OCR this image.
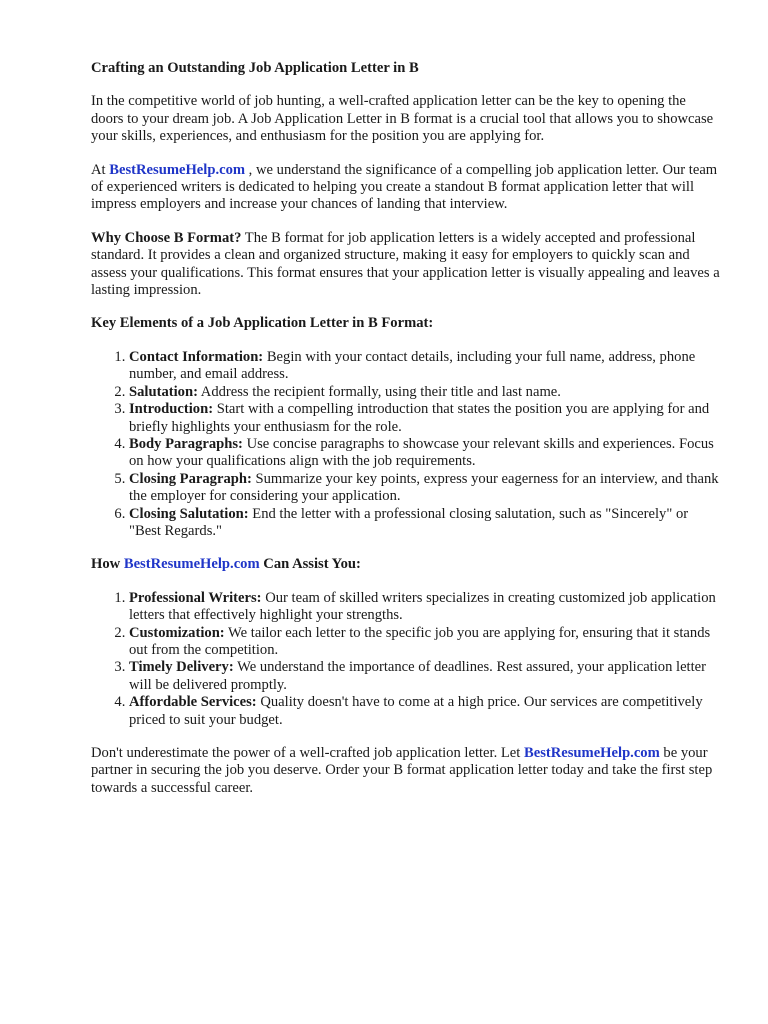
Crafting an Outstanding Job Application Letter in B

In the competitive world of job hunting, a well-crafted application letter can be the key to opening the doors to your dream job. A Job Application Letter in B format is a crucial tool that allows you to showcase your skills, experiences, and enthusiasm for the position you are applying for.

At BestResumeHelp.com , we understand the significance of a compelling job application letter. Our team of experienced writers is dedicated to helping you create a standout B format application letter that will impress employers and increase your chances of landing that interview.

Why Choose B Format? The B format for job application letters is a widely accepted and professional standard. It provides a clean and organized structure, making it easy for employers to quickly scan and assess your qualifications. This format ensures that your application letter is visually appealing and leaves a lasting impression.

Key Elements of a Job Application Letter in B Format:
1. Contact Information: Begin with your contact details, including your full name, address, phone number, and email address.
2. Salutation: Address the recipient formally, using their title and last name.
3. Introduction: Start with a compelling introduction that states the position you are applying for and briefly highlights your enthusiasm for the role.
4. Body Paragraphs: Use concise paragraphs to showcase your relevant skills and experiences. Focus on how your qualifications align with the job requirements.
5. Closing Paragraph: Summarize your key points, express your eagerness for an interview, and thank the employer for considering your application.
6. Closing Salutation: End the letter with a professional closing salutation, such as "Sincerely" or "Best Regards."
How BestResumeHelp.com Can Assist You:
1. Professional Writers: Our team of skilled writers specializes in creating customized job application letters that effectively highlight your strengths.
2. Customization: We tailor each letter to the specific job you are applying for, ensuring that it stands out from the competition.
3. Timely Delivery: We understand the importance of deadlines. Rest assured, your application letter will be delivered promptly.
4. Affordable Services: Quality doesn't have to come at a high price. Our services are competitively priced to suit your budget.

Don't underestimate the power of a well-crafted job application letter. Let BestResumeHelp.com be your partner in securing the job you deserve. Order your B format application letter today and take the first step towards a successful career.
